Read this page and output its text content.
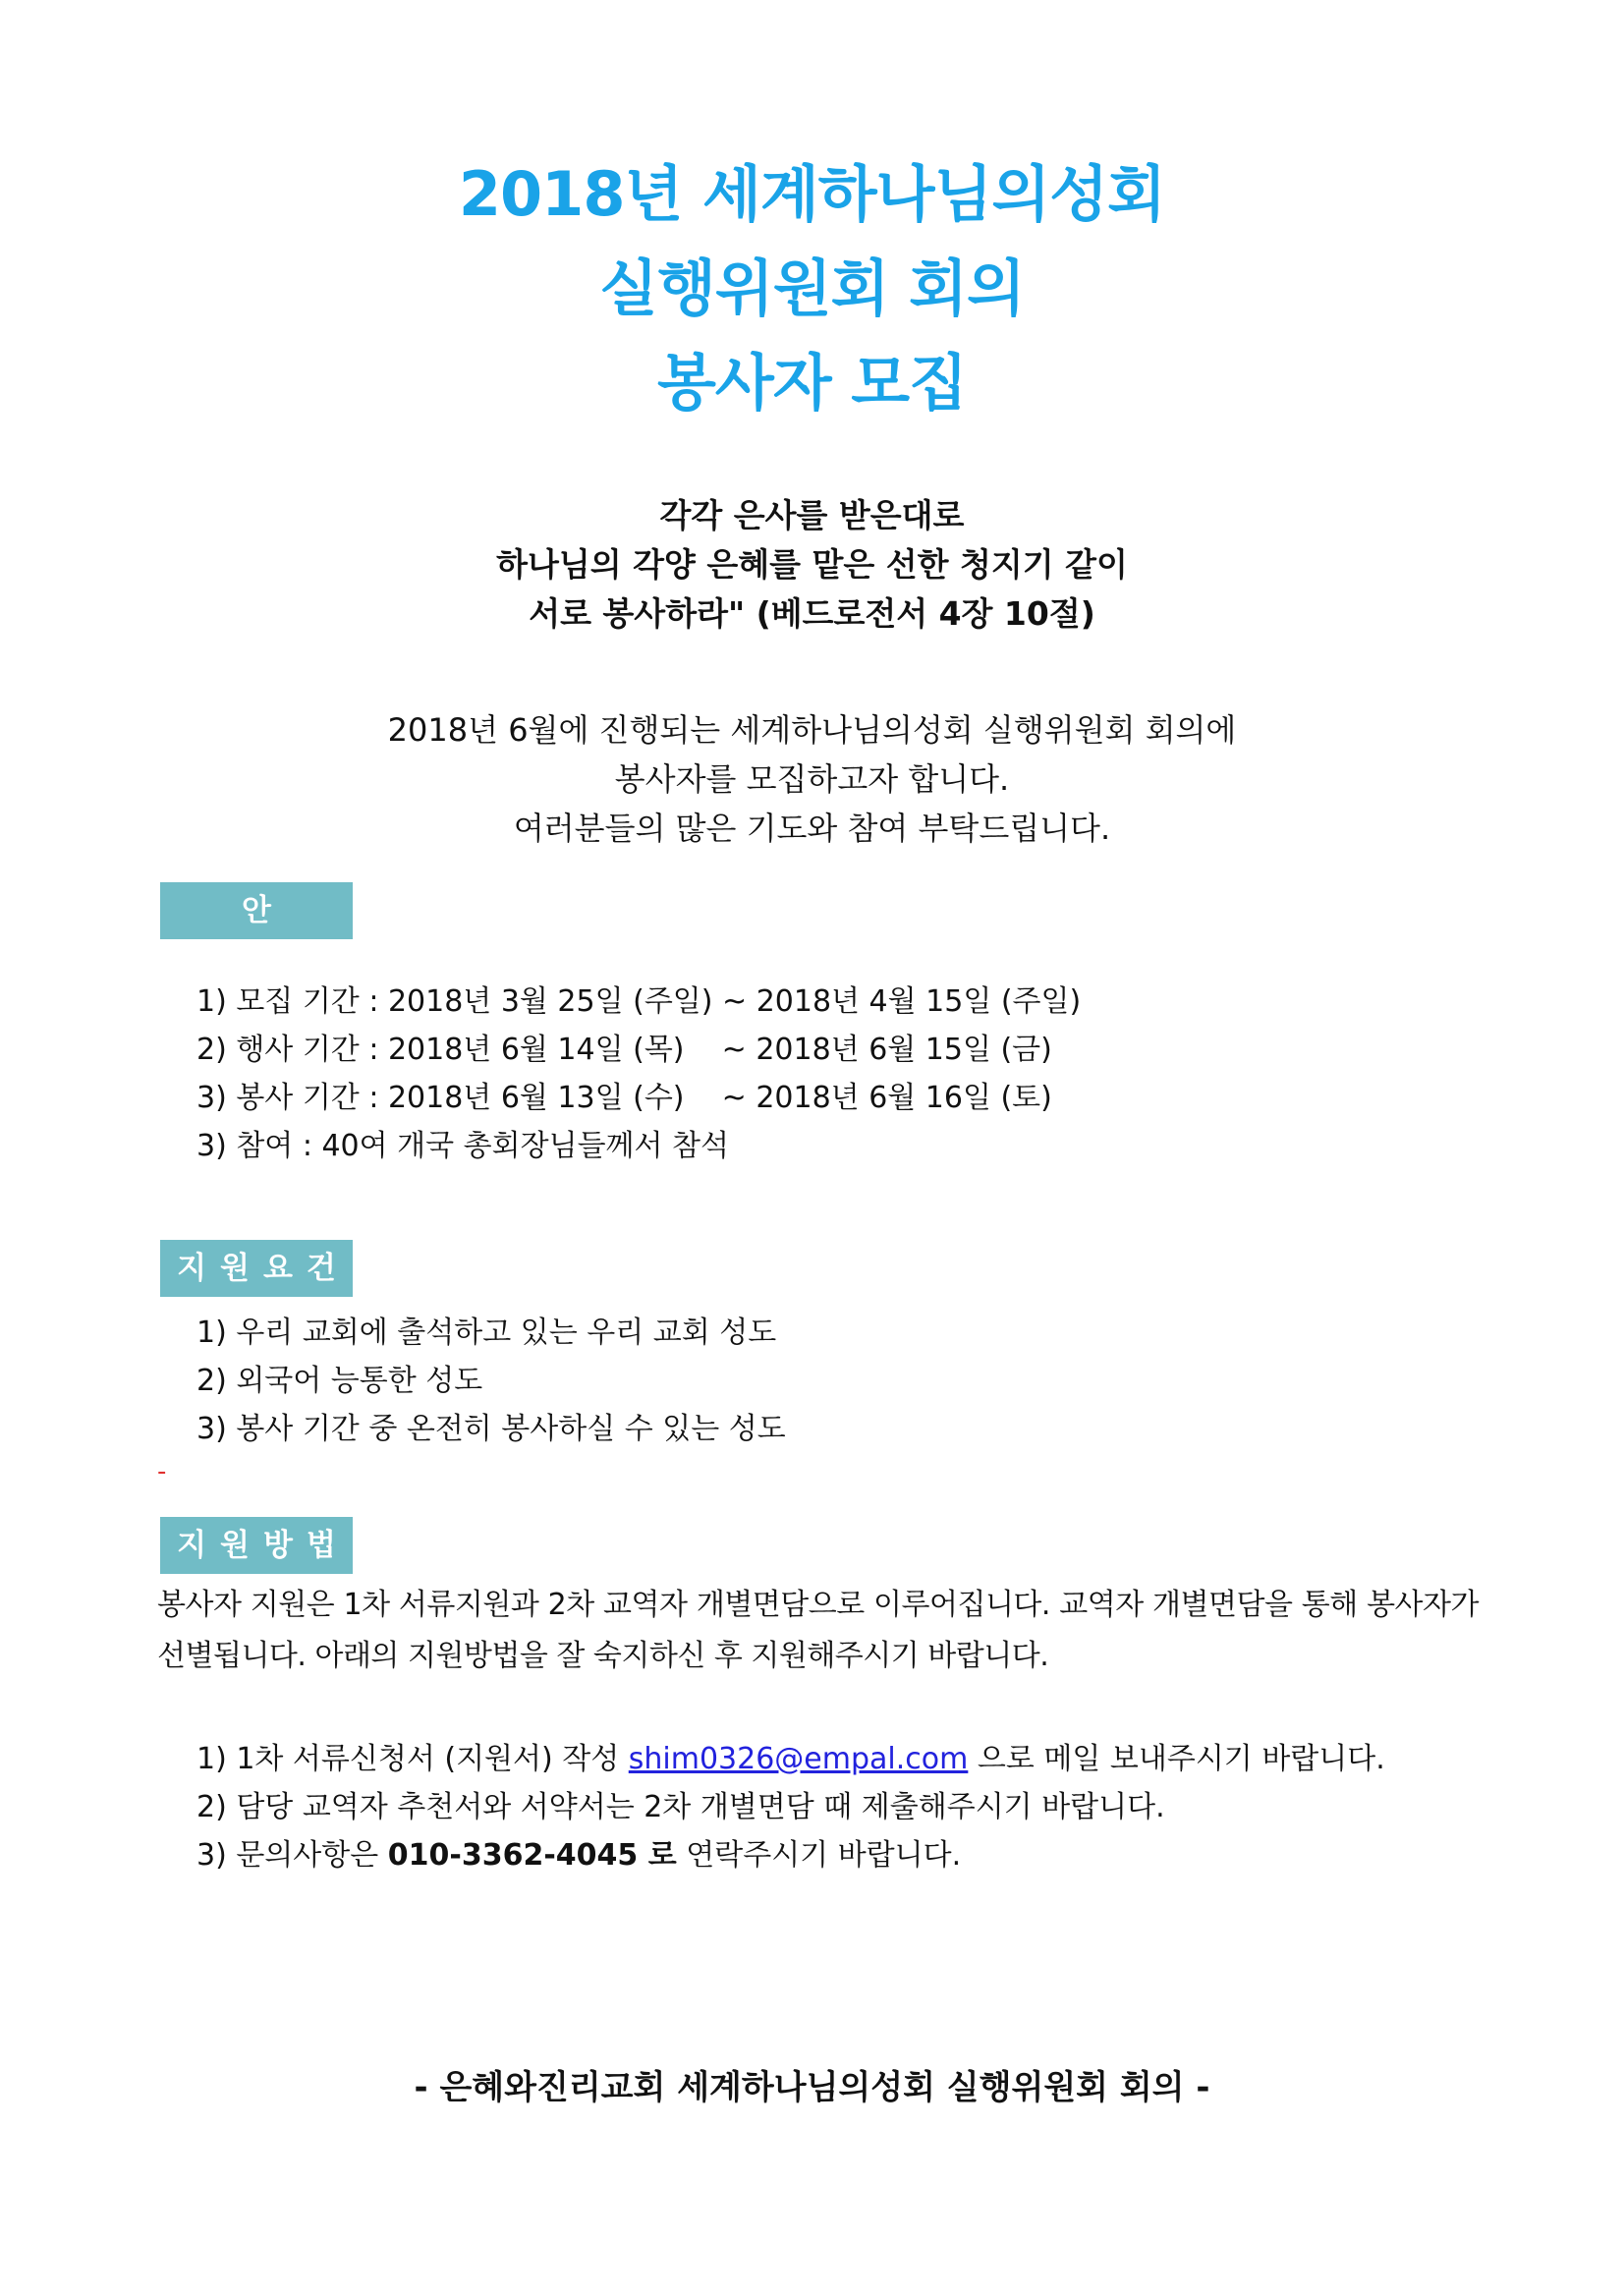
2018년 세계하나님의성회
실행위원회 회의
봉사자 모집
각각 은사를 받은대로
하나님의 각양 은혜를 맡은 선한 청지기 같이
서로 봉사하라" (베드로전서 4장 10절)
2018년 6월에 진행되는 세계하나님의성회 실행위원회 회의에
봉사자를 모집하고자 합니다.
여러분들의 많은 기도와 참여 부탁드립니다.
안 내
1) 모집 기간 : 2018년 3월 25일 (주일) ~ 2018년 4월 15일 (주일)
2) 행사 기간 : 2018년 6월 14일 (목)    ~ 2018년 6월 15일 (금)
3) 봉사 기간 : 2018년 6월 13일 (수)    ~ 2018년 6월 16일 (토)
3) 참여 : 40여 개국 총회장님들께서 참석
지원요건
1) 우리 교회에 출석하고 있는 우리 교회 성도
2) 외국어 능통한 성도
3) 봉사 기간 중 온전히 봉사하실 수 있는 성도
-
지원방법
봉사자 지원은 1차 서류지원과 2차 교역자 개별면담으로 이루어집니다. 교역자 개별면담을 통해 봉사자가 선별됩니다. 아래의 지원방법을 잘 숙지하신 후 지원해주시기 바랍니다.
1) 1차 서류신청서 (지원서) 작성 shim0326@empal.com 으로 메일 보내주시기 바랍니다.
2) 담당 교역자 추천서와 서약서는 2차 개별면담 때 제출해주시기 바랍니다.
3) 문의사항은 010-3362-4045 로 연락주시기 바랍니다.
- 은혜와진리교회 세계하나님의성회 실행위원회 회의 -
